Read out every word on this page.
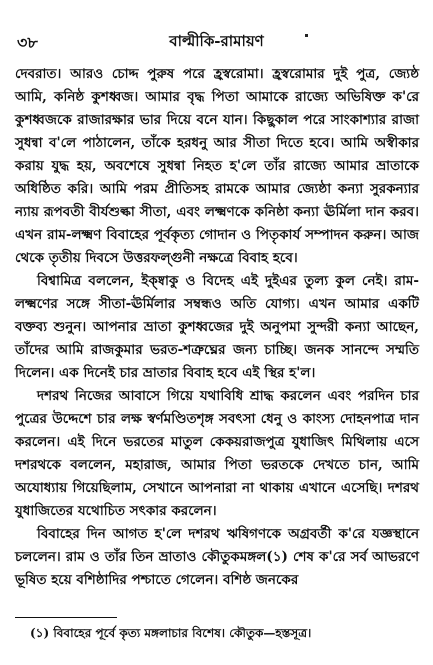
৩৮	বাল্মীকি-রামায়ণ

দেবরাত। আরও চোদ্দ পুরুষ পরে হ্রস্বরোমা। হ্রস্বরোমার দুই পুত্র, জ্যেষ্ঠ আমি, কনিষ্ঠ কুশধ্বজ। আমার বৃদ্ধ পিতা আমাকে রাজ্যে অভিষিক্ত ক'রে কুশধ্বজকে রাজারক্ষার ভার দিয়ে বনে যান। কিছুকাল পরে সাংকাশ্যার রাজা সুধন্বা ব'লে পাঠালেন, তাঁকে হরধনু আর সীতা দিতে হবে। আমি অস্বীকার করায় যুদ্ধ হয়, অবশেষে সুধন্বা নিহত হ'লে তাঁর রাজ্যে আমার ভ্রাতাকে অধিষ্ঠিত করি। আমি পরম প্রীতিসহ রামকে আমার জ্যেষ্ঠা কন্যা সুরকন্যার ন্যায় রূপবতী বীর্যশুল্কা সীতা, এবং লক্ষ্মণকে কনিষ্ঠা কন্যা ঊর্মিলা দান করব। এখন রাম-লক্ষ্মণ বিবাহের পূর্বকৃত্য গোদান ও পিতৃকার্য সম্পাদন করুন। আজ থেকে তৃতীয় দিবসে উত্তরফল্গুনী নক্ষত্রে বিবাহ হবে।

বিশ্বামিত্র বললেন, ইক্ষ্বাকু ও বিদেহ এই দুইএর তুল্য কুল নেই। রাম-লক্ষ্মণের সঙ্গে সীতা-ঊর্মিলার সম্বন্ধও অতি যোগ্য। এখন আমার একটি বক্তব্য শুনুন। আপনার ভ্রাতা কুশধ্বজের দুই অনুপমা সুন্দরী কন্যা আছেন, তাঁদের আমি রাজকুমার ভরত-শত্রুঘ্নের জন্য চাচ্ছি। জনক সানন্দে সম্মতি দিলেন। এক দিনেই চার ভ্রাতার বিবাহ হবে এই স্থির হ'ল।

দশরথ নিজের আবাসে গিয়ে যথাবিধি শ্রাদ্ধ করলেন এবং পরদিন চার পুত্রের উদ্দেশে চার লক্ষ স্বর্ণমণ্ডিতশৃঙ্গ সবৎসা ধেনু ও কাংস্য দোহনপাত্র দান করলেন। এই দিনে ভরতের মাতুল কেকয়রাজপুত্র যুধাজিৎ মিথিলায় এসে দশরথকে বললেন, মহারাজ, আমার পিতা ভরতকে দেখতে চান, আমি অযোধ্যায় গিয়েছিলাম, সেখানে আপনারা না থাকায় এখানে এসেছি। দশরথ যুধাজিতের যথোচিত সৎকার করলেন।

বিবাহের দিন আগত হ'লে দশরথ ঋষিগণকে অগ্রবর্তী ক'রে যজ্ঞস্থানে চললেন। রাম ও তাঁর তিন ভ্রাতাও কৌতুকমঙ্গল(১) শেষ ক'রে সর্ব আভরণে ভূষিত হয়ে বশিষ্ঠাদির পশ্চাতে গেলেন। বশিষ্ঠ জনকের

(১) বিবাহের পূর্বে কৃত্য মঙ্গলাচার বিশেষ। কৌতুক—হস্তসূত্র।
